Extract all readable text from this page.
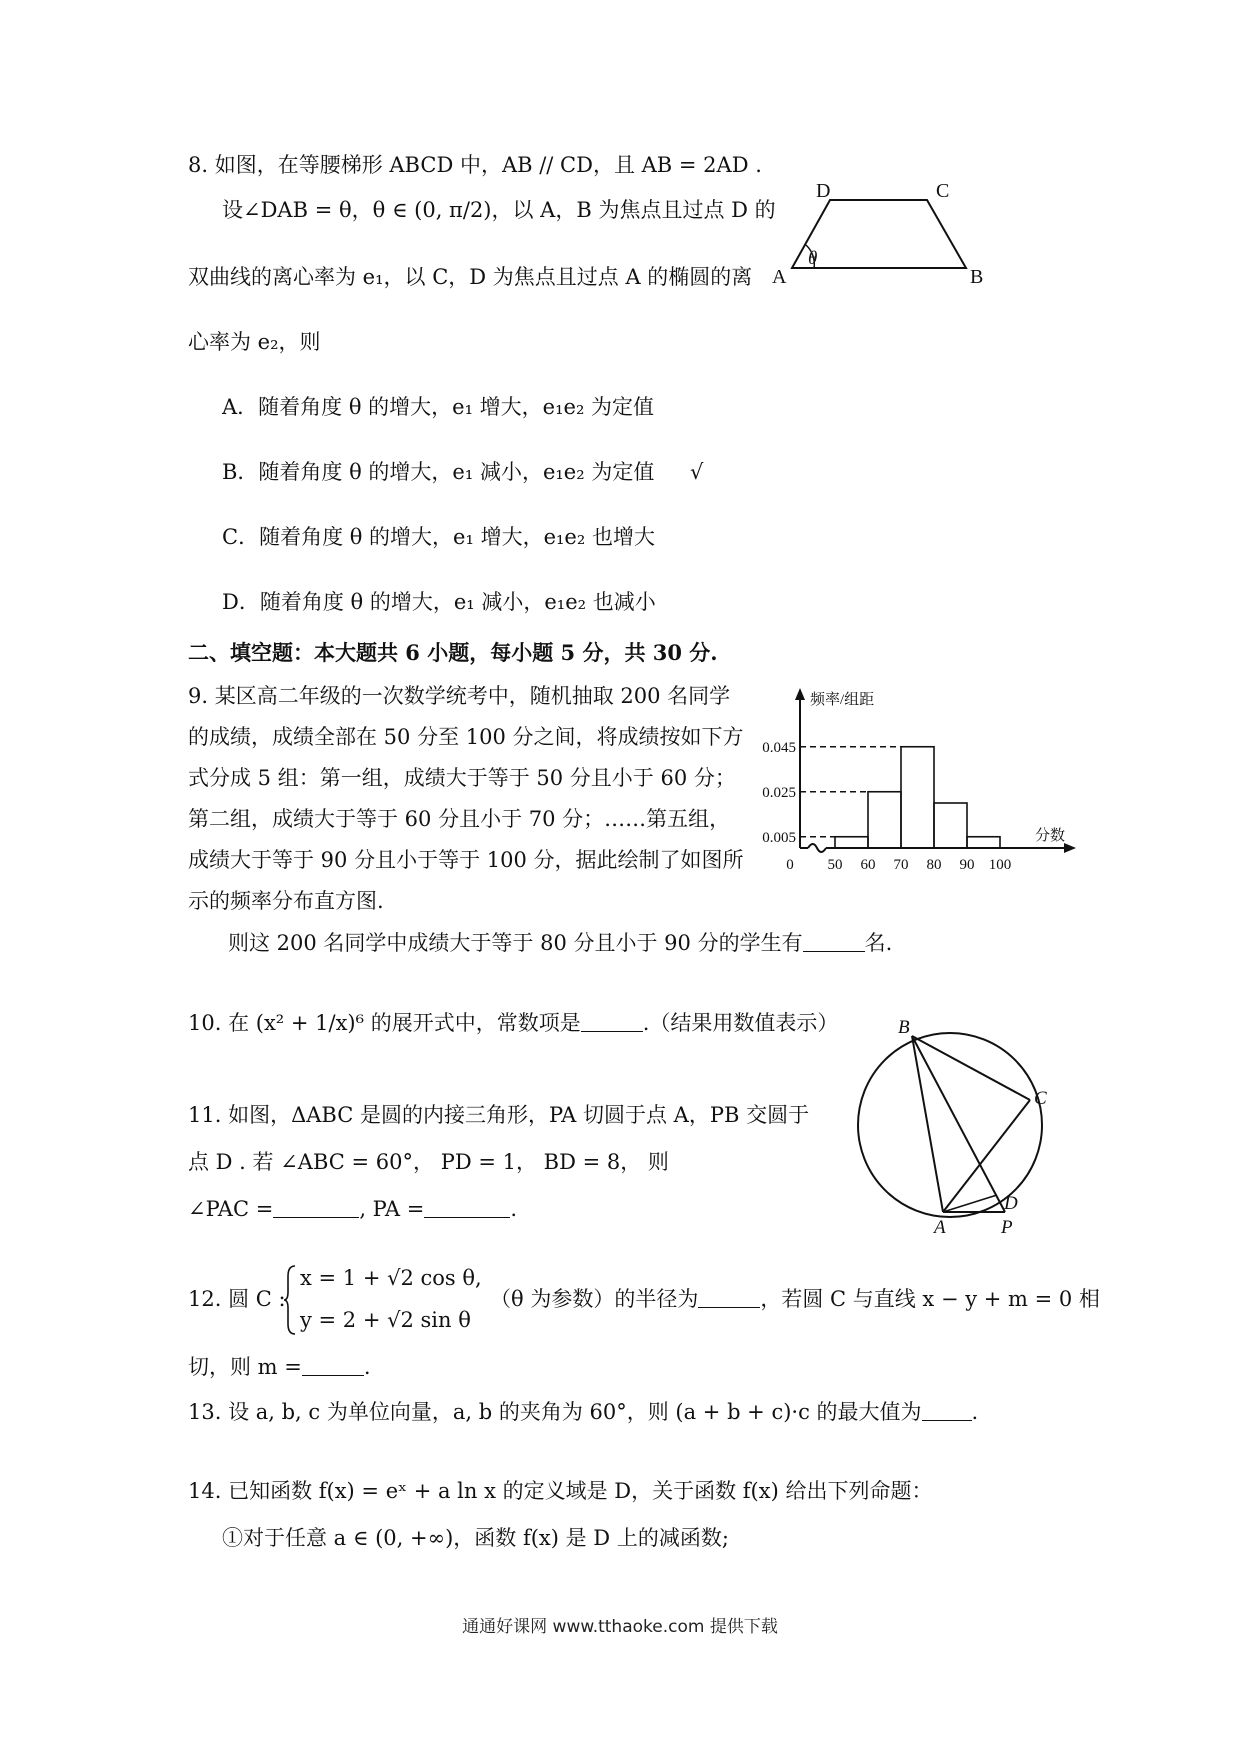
8. 如图，在等腰梯形 ABCD 中，AB // CD，且 AB = 2AD .
设∠DAB = θ，θ ∈ (0, π/2)，以 A，B 为焦点且过点 D 的
双曲线的离心率为 e₁，以 C，D 为焦点且过点 A 的椭圆的离
心率为 e₂，则
D	C
A	B
θ
A．随着角度 θ 的增大，e₁ 增大，e₁e₂ 为定值
B．随着角度 θ 的增大，e₁ 减小，e₁e₂ 为定值 √
C．随着角度 θ 的增大，e₁ 增大，e₁e₂ 也增大
D．随着角度 θ 的增大，e₁ 减小，e₁e₂ 也减小
二、填空题：本大题共 6 小题，每小题 5 分，共 30 分.
9. 某区高二年级的一次数学统考中，随机抽取 200 名同学
的成绩，成绩全部在 50 分至 100 分之间，将成绩按如下方
式分成 5 组：第一组，成绩大于等于 50 分且小于 60 分；
第二组，成绩大于等于 60 分且小于 70 分；……第五组，
成绩大于等于 90 分且小于等于 100 分，据此绘制了如图所
示的频率分布直方图.
则这 200 名同学中成绩大于等于 80 分且小于 90 分的学生有	名.
0.005
0.025
0.045
0 50 60 70 80 90 100
频率/组距
分数
10. 在 (x² + 1/x)⁶ 的展开式中，常数项是	.（结果用数值表示）
11. 如图，ΔABC 是圆的内接三角形，PA 切圆于点 A，PB 交圆于
点 D . 若 ∠ABC = 60°， PD = 1， BD = 8， 则
∠PAC =	, PA =	.
B
C
D
A	P
12. 圆 C :
x = 1 + √2 cos θ,
y = 2 + √2 sin θ
（θ 为参数）的半径为	，若圆 C 与直线 x − y + m = 0 相
切，则 m =	.
13. 设 a, b, c 为单位向量，a, b 的夹角为 60°，则 (a + b + c)·c 的最大值为 .
14. 已知函数 f(x) = eˣ + a ln x 的定义域是 D，关于函数 f(x) 给出下列命题：
①对于任意 a ∈ (0, +∞)，函数 f(x) 是 D 上的减函数;
通通好课网 www.tthaoke.com 提供下载
